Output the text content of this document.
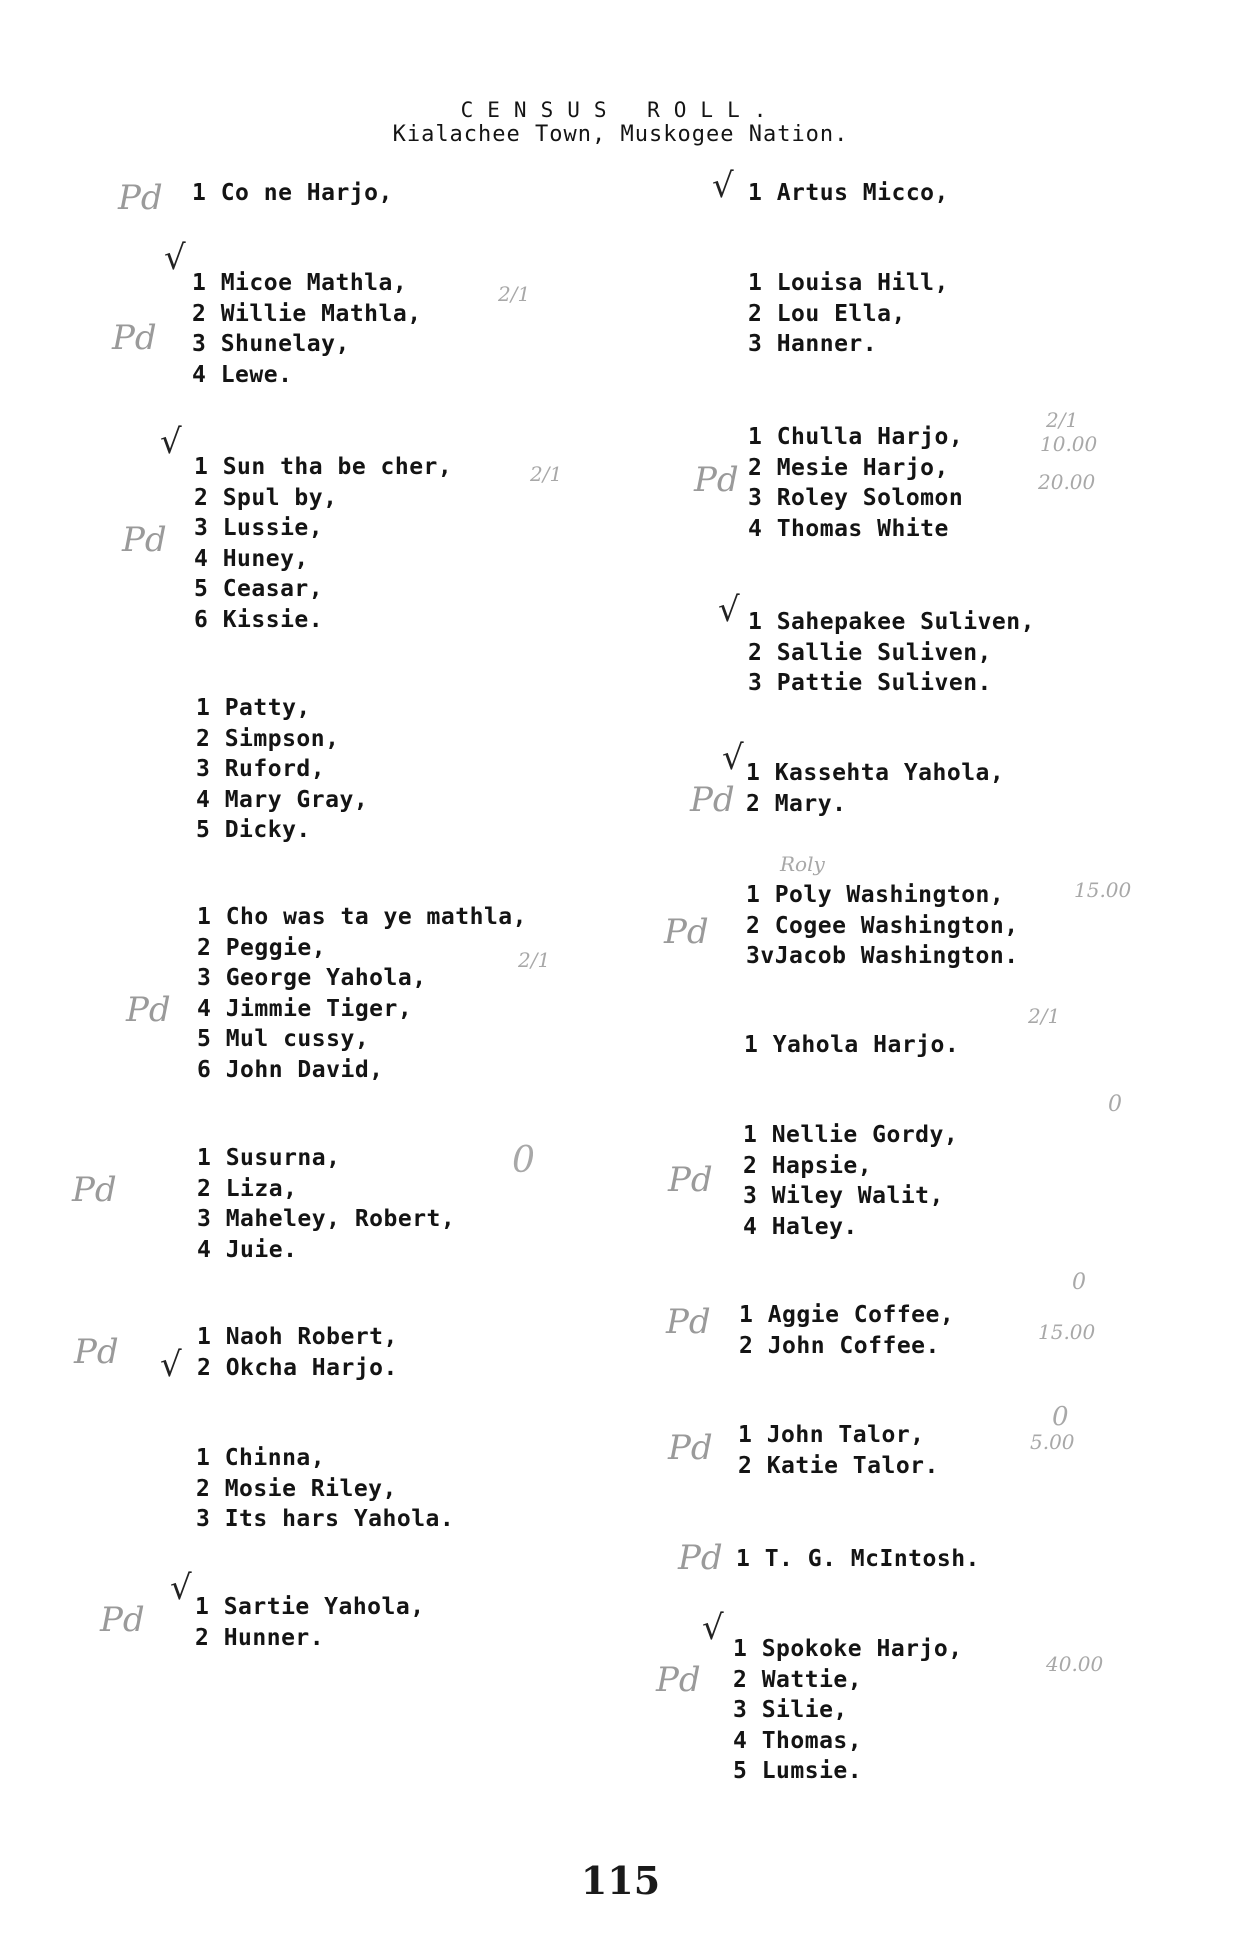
CENSUS ROLL.
Kialachee Town, Muskogee Nation.
1 Co ne Harjo,
1 Micoe Mathla,
2 Willie Mathla,
3 Shunelay,
4 Lewe.
1 Sun tha be cher,
2 Spul by,
3 Lussie,
4 Huney,
5 Ceasar,
6 Kissie.
1 Patty,
2 Simpson,
3 Ruford,
4 Mary Gray,
5 Dicky.
1 Cho was ta ye mathla,
2 Peggie,
3 George Yahola,
4 Jimmie Tiger,
5 Mul cussy,
6 John David,
1 Susurna,
2 Liza,
3 Maheley, Robert,
4 Juie.
1 Naoh Robert,
2 Okcha Harjo.
1 Chinna,
2 Mosie Riley,
3 Its hars Yahola.
1 Sartie Yahola,
2 Hunner.
1 Artus Micco,
1 Louisa Hill,
2 Lou Ella,
3 Hanner.
1 Chulla Harjo,
2 Mesie Harjo,
3 Roley Solomon
4 Thomas White
1 Sahepakee Suliven,
2 Sallie Suliven,
3 Pattie Suliven.
1 Kassehta Yahola,
2 Mary.
1 Poly Washington,
2 Cogee Washington,
3vJacob Washington.
1 Yahola Harjo.
1 Nellie Gordy,
2 Hapsie,
3 Wiley Walit,
4 Haley.
1 Aggie Coffee,
2 John Coffee.
1 John Talor,
2 Katie Talor.
1 T. G. McIntosh.
1 Spokoke Harjo,
2 Wattie,
3 Silie,
4 Thomas,
5 Lumsie.
Pd
Pd
Pd
Pd
Pd
Pd
Pd
Pd
Pd
Pd
Pd
Pd
Pd
Pd
Pd
√
√
√
√
√
√
√
√
2/1
2/1
2/1
10.00
20.00
2/1
2/1
15.00
15.00
5.00
40.00
Roly
0
0
0
0
115
